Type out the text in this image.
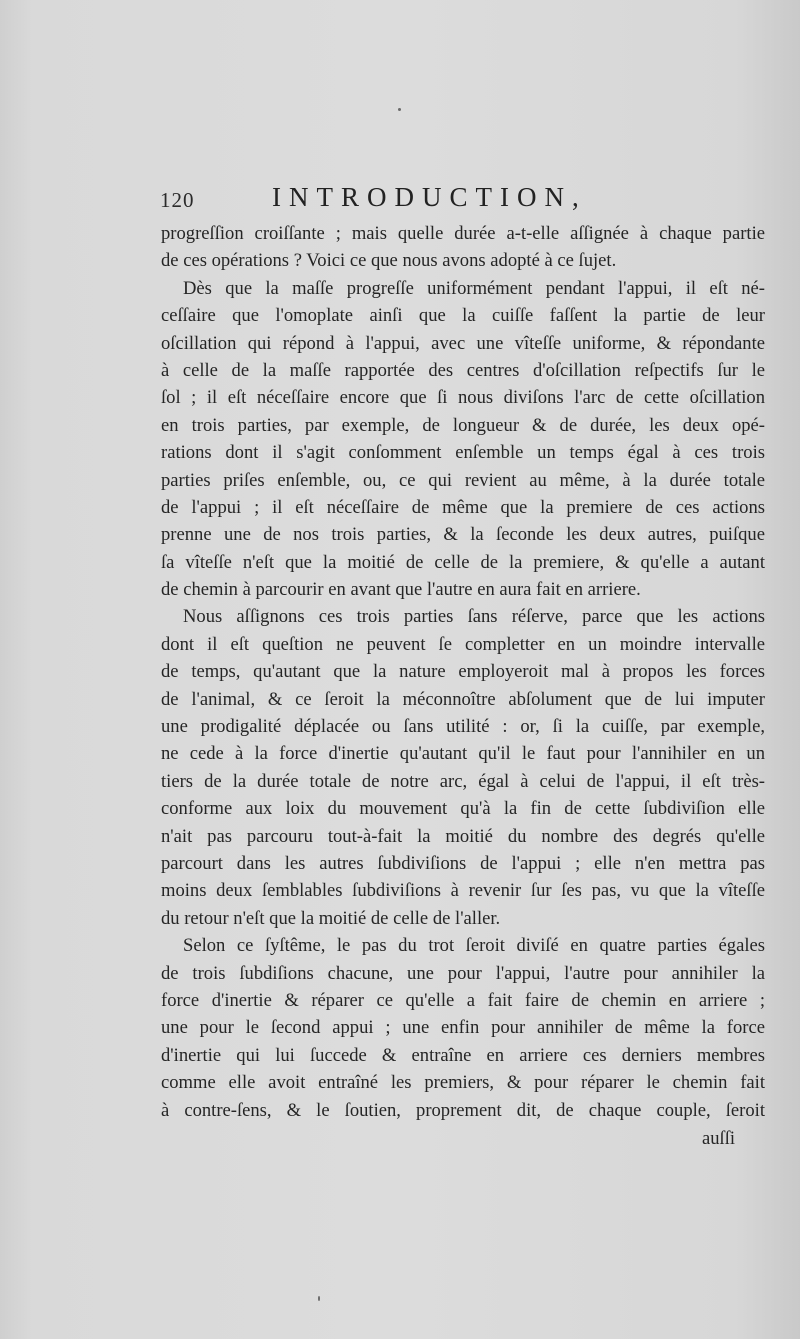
120	INTRODUCTION,
progreſſion croiſſante ; mais quelle durée a-t-elle aſſignée à chaque partie
de ces opérations ? Voici ce que nous avons adopté à ce ſujet.
Dès que la maſſe progreſſe uniformément pendant l'appui, il eſt né-
ceſſaire que l'omoplate ainſi que la cuiſſe faſſent la partie de leur
oſcillation qui répond à l'appui, avec une vîteſſe uniforme, & répondante
à celle de la maſſe rapportée des centres d'oſcillation reſpectifs ſur le
ſol ; il eſt néceſſaire encore que ſi nous diviſons l'arc de cette oſcillation
en trois parties, par exemple, de longueur & de durée, les deux opé-
rations dont il s'agit conſomment enſemble un temps égal à ces trois
parties priſes enſemble, ou, ce qui revient au même, à la durée totale
de l'appui ; il eſt néceſſaire de même que la premiere de ces actions
prenne une de nos trois parties, & la ſeconde les deux autres, puiſque
ſa vîteſſe n'eſt que la moitié de celle de la premiere, & qu'elle a autant
de chemin à parcourir en avant que l'autre en aura fait en arriere.
Nous aſſignons ces trois parties ſans réſerve, parce que les actions
dont il eſt queſtion ne peuvent ſe completter en un moindre intervalle
de temps, qu'autant que la nature employeroit mal à propos les forces
de l'animal, & ce ſeroit la méconnoître abſolument que de lui imputer
une prodigalité déplacée ou ſans utilité : or, ſi la cuiſſe, par exemple,
ne cede à la force d'inertie qu'autant qu'il le faut pour l'annihiler en un
tiers de la durée totale de notre arc, égal à celui de l'appui, il eſt très-
conforme aux loix du mouvement qu'à la fin de cette ſubdiviſion elle
n'ait pas parcouru tout-à-fait la moitié du nombre des degrés qu'elle
parcourt dans les autres ſubdiviſions de l'appui ; elle n'en mettra pas
moins deux ſemblables ſubdiviſions à revenir ſur ſes pas, vu que la vîteſſe
du retour n'eſt que la moitié de celle de l'aller.
Selon ce ſyſtême, le pas du trot ſeroit diviſé en quatre parties égales
de trois ſubdiſions chacune, une pour l'appui, l'autre pour annihiler la
force d'inertie & réparer ce qu'elle a fait faire de chemin en arriere ;
une pour le ſecond appui ; une enfin pour annihiler de même la force
d'inertie qui lui ſuccede & entraîne en arriere ces derniers membres
comme elle avoit entraîné les premiers, & pour réparer le chemin fait
à contre-ſens, & le ſoutien, proprement dit, de chaque couple, ſeroit
auſſi
